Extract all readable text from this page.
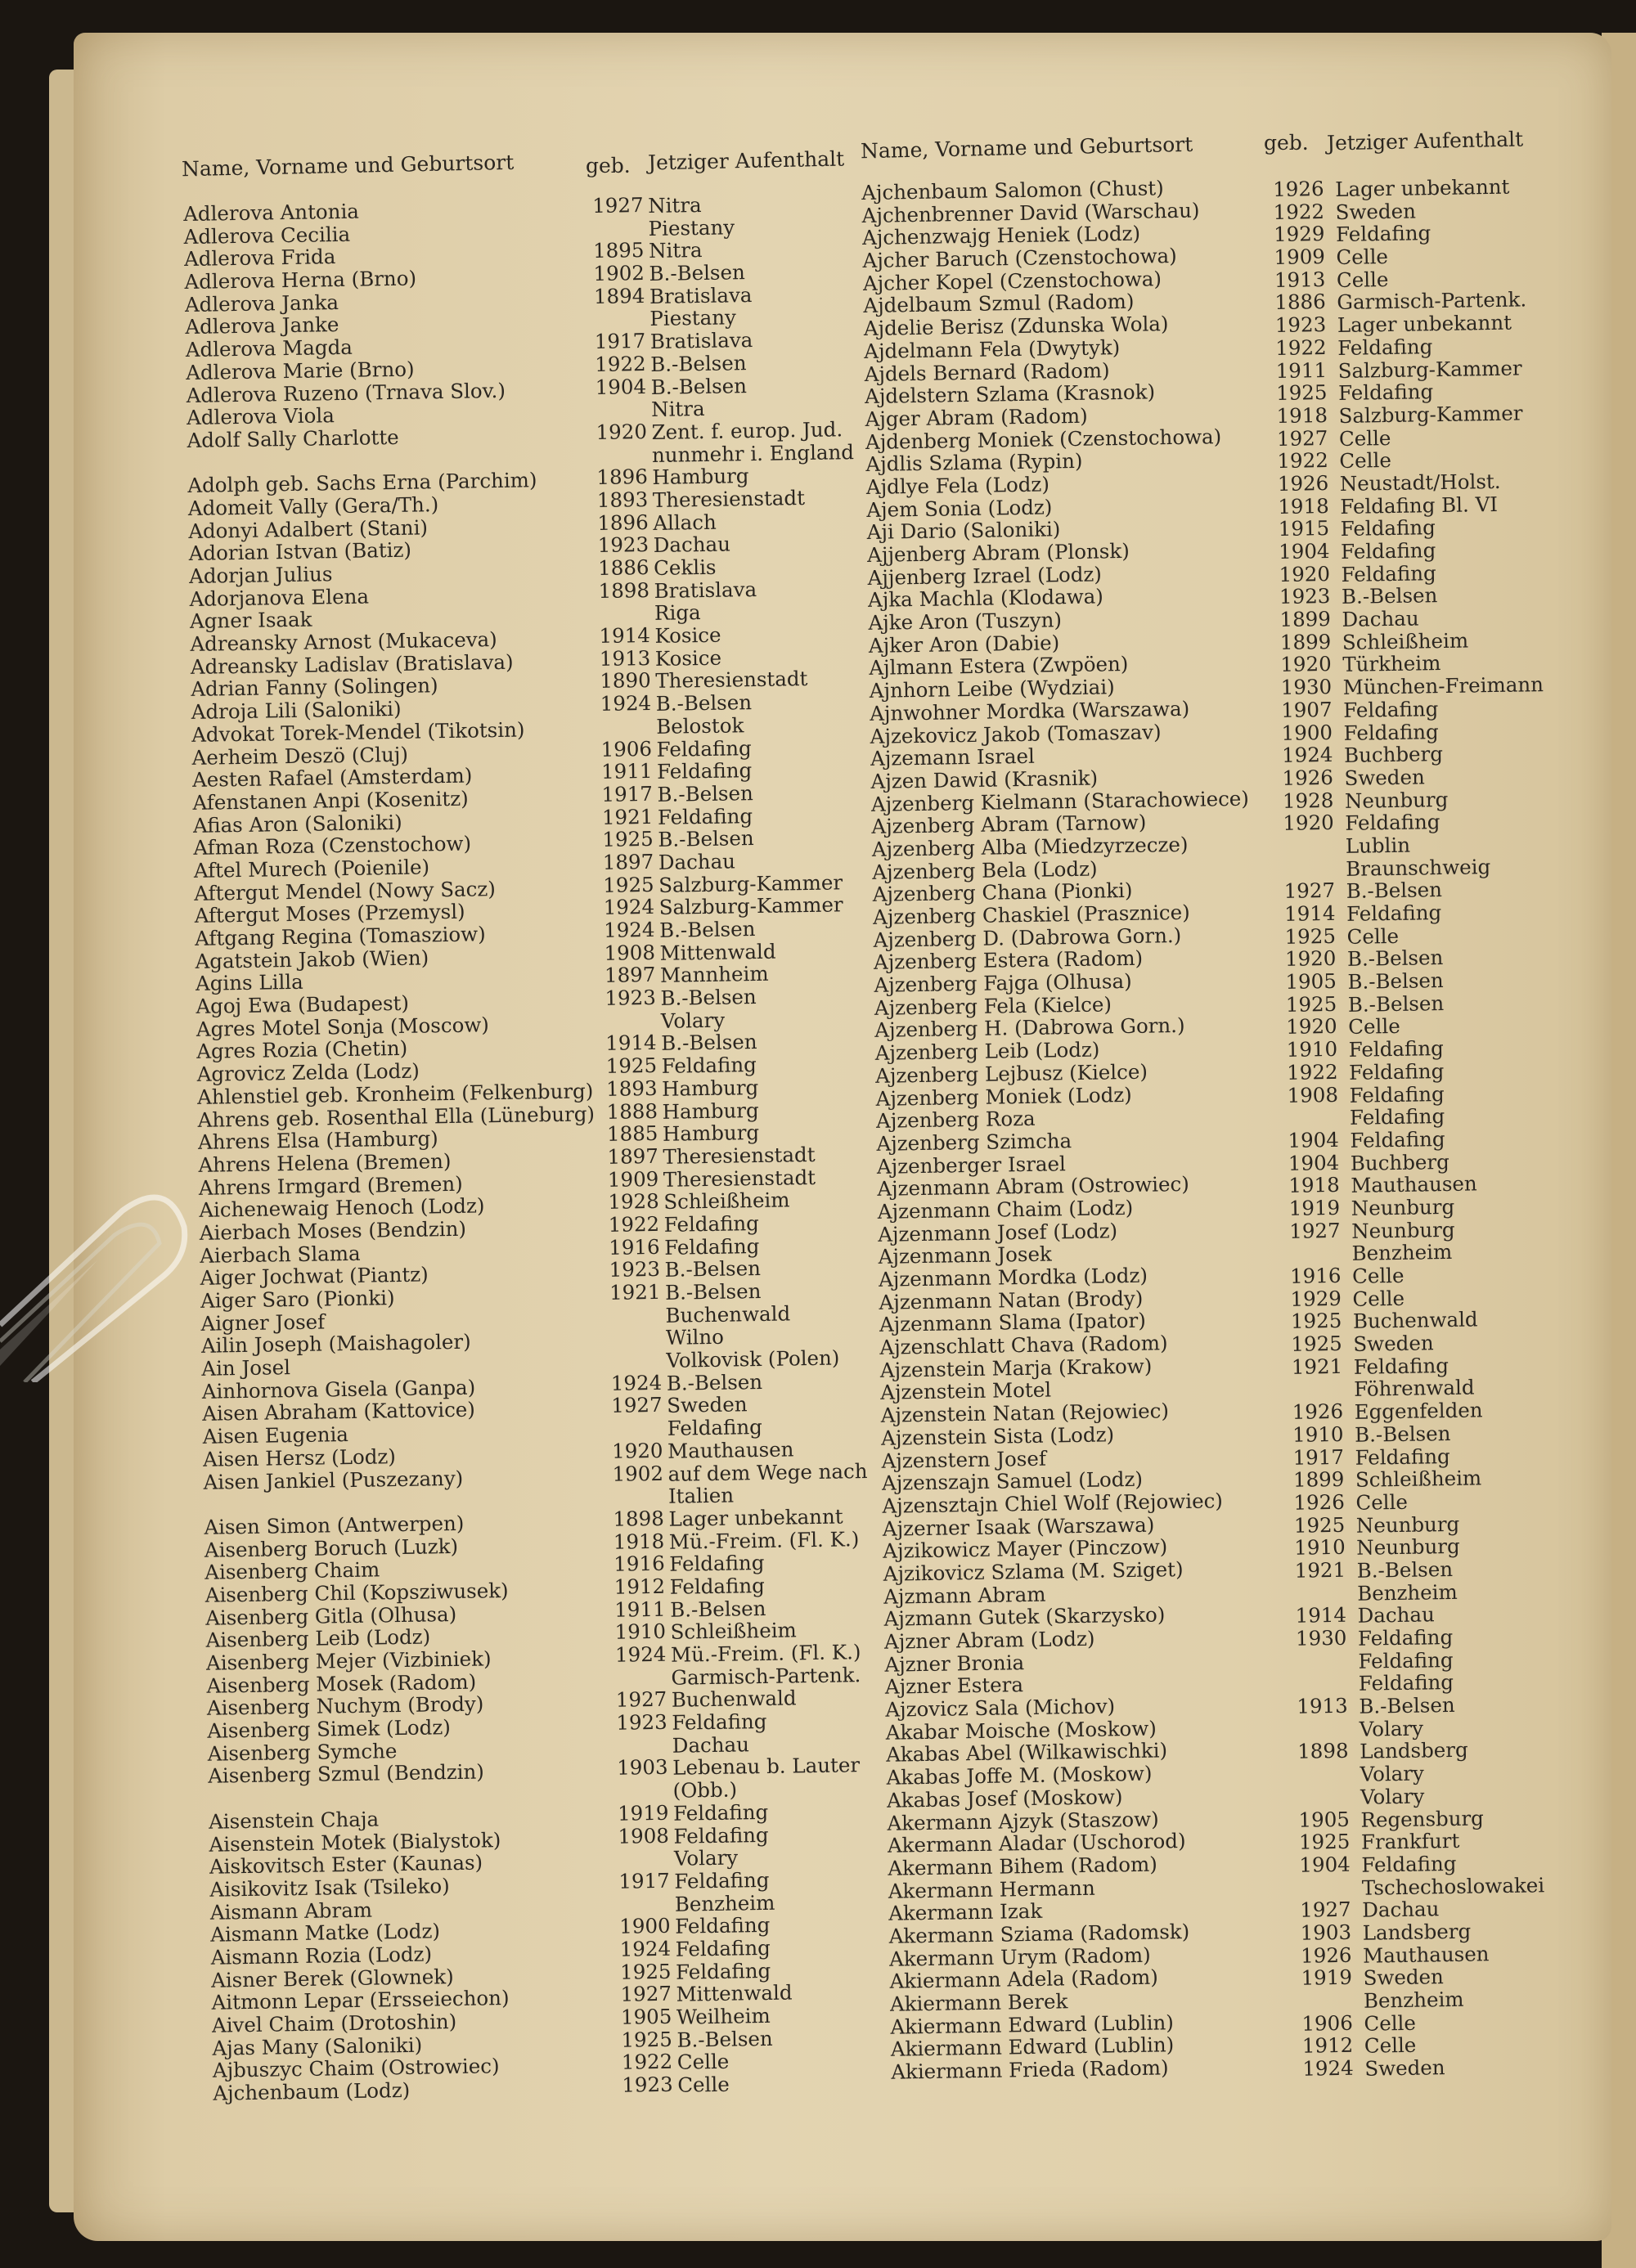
Name, Vorname und Geburtsort	geb. Jetziger Aufenthalt Name, Vorname und Geburtsort	geb. Jetziger Aufenthalt
Adlerova Antonia
Adlerova Cecilia
Adlerova Frida
Adlerova Herna (Brno)
Adlerova Janka
Adlerova Janke
Adlerova Magda
Adlerova Marie (Brno)
Adlerova Ruzeno (Trnava Slov.)
Adlerova Viola
Adolf Sally Charlotte
Adolph geb. Sachs Erna (Parchim)
Adomeit Vally (Gera/Th.)
Adonyi Adalbert (Stani)
Adorian Istvan (Batiz)
Adorjan Julius
Adorjanova Elena
Agner Isaak
Adreansky Arnost (Mukaceva)
Adreansky Ladislav (Bratislava)
Adrian Fanny (Solingen)
Adroja Lili (Saloniki)
Advokat Torek-Mendel (Tikotsin)
Aerheim Deszö (Cluj)
Aesten Rafael (Amsterdam)
Afenstanen Anpi (Kosenitz)
Afias Aron (Saloniki)
Afman Roza (Czenstochow)
Aftel Murech (Poienile)
Aftergut Mendel (Nowy Sacz)
Aftergut Moses (Przemysl)
Aftgang Regina (Tomasziow)
Agatstein Jakob (Wien)
Agins Lilla
Agoj Ewa (Budapest)
Agres Motel Sonja (Moscow)
Agres Rozia (Chetin)
Agrovicz Zelda (Lodz)
Ahlenstiel geb. Kronheim (Felkenburg)
Ahrens geb. Rosenthal Ella (Lüneburg)
Ahrens Elsa (Hamburg)
Ahrens Helena (Bremen)
Ahrens Irmgard (Bremen)
Aichenewaig Henoch (Lodz)
Aierbach Moses (Bendzin)
Aierbach Slama
Aiger Jochwat (Piantz)
Aiger Saro (Pionki)
Aigner Josef
Ailin Joseph (Maishagoler)
Ain Josel
Ainhornova Gisela (Ganpa)
Aisen Abraham (Kattovice)
Aisen Eugenia
Aisen Hersz (Lodz)
Aisen Jankiel (Puszezany)
Aisen Simon (Antwerpen)
Aisenberg Boruch (Luzk)
Aisenberg Chaim
Aisenberg Chil (Kopsziwusek)
Aisenberg Gitla (Olhusa)
Aisenberg Leib (Lodz)
Aisenberg Mejer (Vizbiniek)
Aisenberg Mosek (Radom)
Aisenberg Nuchym (Brody)
Aisenberg Simek (Lodz)
Aisenberg Symche
Aisenberg Szmul (Bendzin)
Aisenstein Chaja
Aisenstein Motek (Bialystok)
Aiskovitsch Ester (Kaunas)
Aisikovitz Isak (Tsileko)
Aismann Abram
Aismann Matke (Lodz)
Aismann Rozia (Lodz)
Aisner Berek (Glownek)
Aitmonn Lepar (Ersseiechon)
Aivel Chaim (Drotoshin)
Ajas Many (Saloniki)
Ajbuszyc Chaim (Ostrowiec)
Ajchenbaum (Lodz)
1927
1895
1902
1894
1917
1922
1904
1920
1896
1893
1896
1923
1886
1898
1914
1913
1890
1924
1906
1911
1917
1921
1925
1897
1925
1924
1924
1908
1897
1923
1914
1925
1893
1888
1885
1897
1909
1928
1922
1916
1923
1921
1924
1927
1920
1902
1898
1918
1916
1912
1911
1910
1924
1927
1923
1903
1919
1908
1917
1900
1924
1925
1927
1905
1925
1922
1923
Nitra
Piestany
Nitra
B.-Belsen
Bratislava
Piestany
Bratislava
B.-Belsen
B.-Belsen
Nitra
Zent. f. europ. Jud.
nunmehr i. England
Hamburg
Theresienstadt
Allach
Dachau
Ceklis
Bratislava
Riga
Kosice
Kosice
Theresienstadt
B.-Belsen
Belostok
Feldafing
Feldafing
B.-Belsen
Feldafing
B.-Belsen
Dachau
Salzburg-Kammer
Salzburg-Kammer
B.-Belsen
Mittenwald
Mannheim
B.-Belsen
Volary
B.-Belsen
Feldafing
Hamburg
Hamburg
Hamburg
Theresienstadt
Theresienstadt
Schleißheim
Feldafing
Feldafing
B.-Belsen
B.-Belsen
Buchenwald
Wilno
Volkovisk (Polen)
B.-Belsen
Sweden
Feldafing
Mauthausen
auf dem Wege nach
Italien
Lager unbekannt
Mü.-Freim. (Fl. K.)
Feldafing
Feldafing
B.-Belsen
Schleißheim
Mü.-Freim. (Fl. K.)
Garmisch-Partenk.
Buchenwald
Feldafing
Dachau
Lebenau b. Lauter
(Obb.)
Feldafing
Feldafing
Volary
Feldafing
Benzheim
Feldafing
Feldafing
Feldafing
Mittenwald
Weilheim
B.-Belsen
Celle
Celle
Ajchenbaum Salomon (Chust)
Ajchenbrenner David (Warschau)
Ajchenzwajg Heniek (Lodz)
Ajcher Baruch (Czenstochowa)
Ajcher Kopel (Czenstochowa)
Ajdelbaum Szmul (Radom)
Ajdelie Berisz (Zdunska Wola)
Ajdelmann Fela (Dwytyk)
Ajdels Bernard (Radom)
Ajdelstern Szlama (Krasnok)
Ajger Abram (Radom)
Ajdenberg Moniek (Czenstochowa)
Ajdlis Szlama (Rypin)
Ajdlye Fela (Lodz)
Ajem Sonia (Lodz)
Aji Dario (Saloniki)
Ajjenberg Abram (Plonsk)
Ajjenberg Izrael (Lodz)
Ajka Machla (Klodawa)
Ajke Aron (Tuszyn)
Ajker Aron (Dabie)
Ajlmann Estera (Zwpöen)
Ajnhorn Leibe (Wydziai)
Ajnwohner Mordka (Warszawa)
Ajzekovicz Jakob (Tomaszav)
Ajzemann Israel
Ajzen Dawid (Krasnik)
Ajzenberg Kielmann (Starachowiece)
Ajzenberg Abram (Tarnow)
Ajzenberg Alba (Miedzyrzecze)
Ajzenberg Bela (Lodz)
Ajzenberg Chana (Pionki)
Ajzenberg Chaskiel (Prasznice)
Ajzenberg D. (Dabrowa Gorn.)
Ajzenberg Estera (Radom)
Ajzenberg Fajga (Olhusa)
Ajzenberg Fela (Kielce)
Ajzenberg H. (Dabrowa Gorn.)
Ajzenberg Leib (Lodz)
Ajzenberg Lejbusz (Kielce)
Ajzenberg Moniek (Lodz)
Ajzenberg Roza
Ajzenberg Szimcha
Ajzenberger Israel
Ajzenmann Abram (Ostrowiec)
Ajzenmann Chaim (Lodz)
Ajzenmann Josef (Lodz)
Ajzenmann Josek
Ajzenmann Mordka (Lodz)
Ajzenmann Natan (Brody)
Ajzenmann Slama (Ipator)
Ajzenschlatt Chava (Radom)
Ajzenstein Marja (Krakow)
Ajzenstein Motel
Ajzenstein Natan (Rejowiec)
Ajzenstein Sista (Lodz)
Ajzenstern Josef
Ajzenszajn Samuel (Lodz)
Ajzensztajn Chiel Wolf (Rejowiec)
Ajzerner Isaak (Warszawa)
Ajzikowicz Mayer (Pinczow)
Ajzikovicz Szlama (M. Sziget)
Ajzmann Abram
Ajzmann Gutek (Skarzysko)
Ajzner Abram (Lodz)
Ajzner Bronia
Ajzner Estera
Ajzovicz Sala (Michov)
Akabar Moische (Moskow)
Akabas Abel (Wilkawischki)
Akabas Joffe M. (Moskow)
Akabas Josef (Moskow)
Akermann Ajzyk (Staszow)
Akermann Aladar (Uschorod)
Akermann Bihem (Radom)
Akermann Hermann
Akermann Izak
Akermann Sziama (Radomsk)
Akermann Urym (Radom)
Akiermann Adela (Radom)
Akiermann Berek
Akiermann Edward (Lublin)
Akiermann Edward (Lublin)
Akiermann Frieda (Radom)
1926
1922
1929
1909
1913
1886
1923
1922
1911
1925
1918
1927
1922
1926
1918
1915
1904
1920
1923
1899
1899
1920
1930
1907
1900
1924
1926
1928
1920
1927
1914
1925
1920
1905
1925
1920
1910
1922
1908
1904
1904
1918
1919
1927
1916
1929
1925
1925
1921
1926
1910
1917
1899
1926
1925
1910
1921
1914
1930
1913
1898
1905
1925
1904
1927
1903
1926
1919
1906
1912
1924
Lager unbekannt
Sweden
Feldafing
Celle
Celle
Garmisch-Partenk.
Lager unbekannt
Feldafing
Salzburg-Kammer
Feldafing
Salzburg-Kammer
Celle
Celle
Neustadt/Holst.
Feldafing Bl. VI
Feldafing
Feldafing
Feldafing
B.-Belsen
Dachau
Schleißheim
Türkheim
München-Freimann
Feldafing
Feldafing
Buchberg
Sweden
Neunburg
Feldafing
Lublin
Braunschweig
B.-Belsen
Feldafing
Celle
B.-Belsen
B.-Belsen
B.-Belsen
Celle
Feldafing
Feldafing
Feldafing
Feldafing
Feldafing
Buchberg
Mauthausen
Neunburg
Neunburg
Benzheim
Celle
Celle
Buchenwald
Sweden
Feldafing
Föhrenwald
Eggenfelden
B.-Belsen
Feldafing
Schleißheim
Celle
Neunburg
Neunburg
B.-Belsen
Benzheim
Dachau
Feldafing
Feldafing
Feldafing
B.-Belsen
Volary
Landsberg
Volary
Volary
Regensburg
Frankfurt
Feldafing
Tschechoslowakei
Dachau
Landsberg
Mauthausen
Sweden
Benzheim
Celle
Celle
Sweden
